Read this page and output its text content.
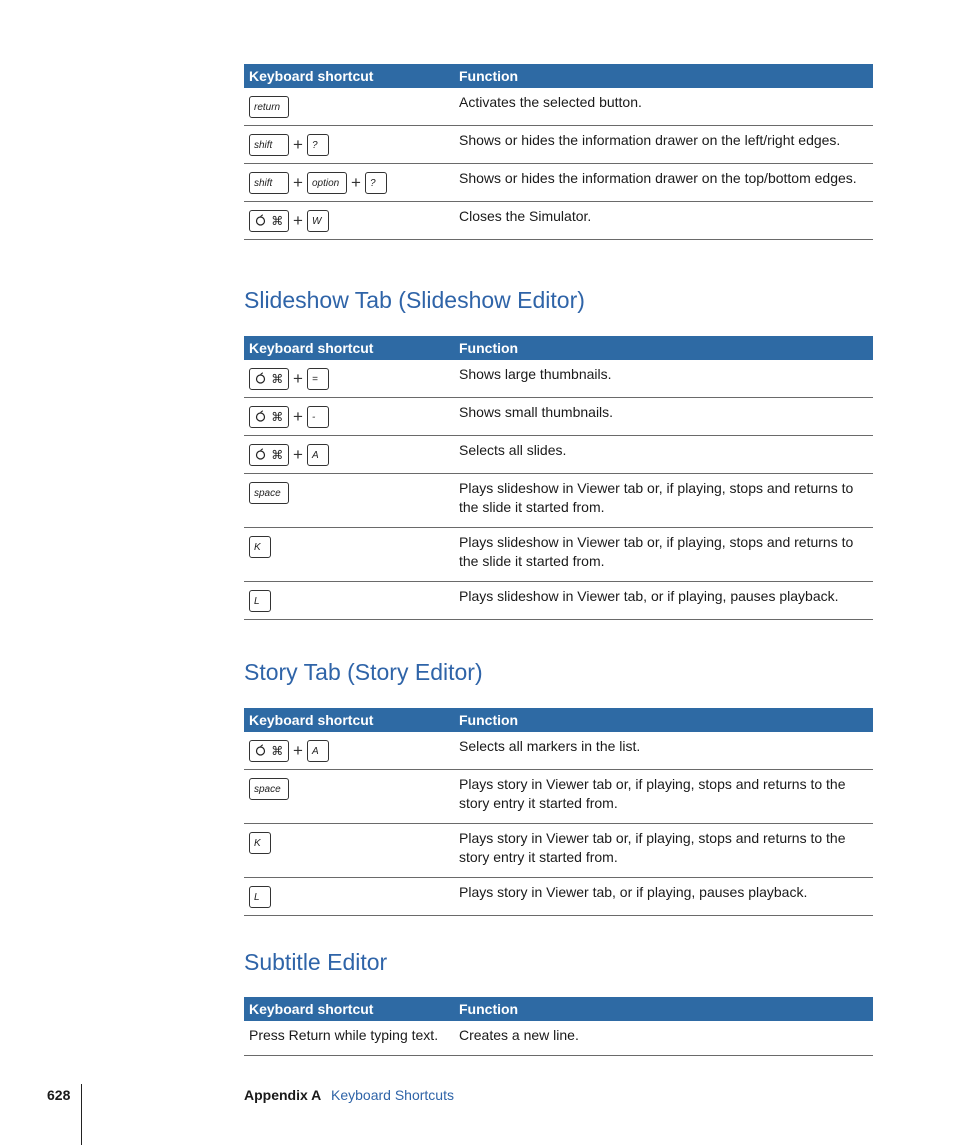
Keyboard shortcut	Function

return	Activates the selected button.

shift + ?	Shows or hides the information drawer on the left/right edges.

shift + option + ?	Shows or hides the information drawer on the top/bottom edges.

⌘ + W	Closes the Simulator.
Slideshow Tab (Slideshow Editor)
Keyboard shortcut	Function

⌘ + =	Shows large thumbnails.

⌘ + -	Shows small thumbnails.

⌘ + A	Selects all slides.

space	Plays slideshow in Viewer tab or, if playing, stops and returns to the slide it started from.

K	Plays slideshow in Viewer tab or, if playing, stops and returns to the slide it started from.

L	Plays slideshow in Viewer tab, or if playing, pauses playback.
Story Tab (Story Editor)
Keyboard shortcut	Function

⌘ + A	Selects all markers in the list.

space	Plays story in Viewer tab or, if playing, stops and returns to the story entry it started from.

K	Plays story in Viewer tab or, if playing, stops and returns to the story entry it started from.

L	Plays story in Viewer tab, or if playing, pauses playback.
Subtitle Editor
Keyboard shortcut	Function
Press Return while typing text.	Creates a new line.
628	Appendix A Keyboard Shortcuts
